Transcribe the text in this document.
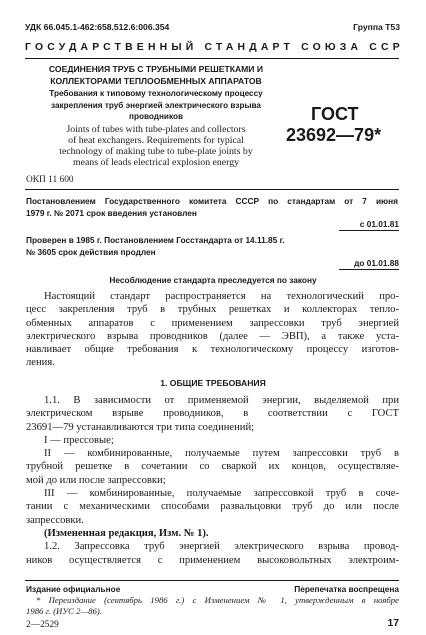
УДК 66.045.1-462:658.512.6:006.354	Группа Т53
ГОСУДАРСТВЕННЫЙ СТАНДАРТ СОЮЗА ССР
СОЕДИНЕНИЯ ТРУБ С ТРУБНЫМИ РЕШЕТКАМИ И
КОЛЛЕКТОРАМИ ТЕПЛООБМЕННЫХ АППАРАТОВ
Требования к типовому технологическому процессу
закрепления труб энергией электрического взрыва
проводников
Joints of tubes with tube-plates and collectors
of heat exchangers. Requirements for typical
technology of making tube to tube-plate joints by
means of leads electrical explosion energy
ГОСТ
23692—79*
ОКП 11 600
Постановлением Государственного комитета СССР по стандартам от 7 июня
1979 г. № 2071 срок введения установлен
с 01.01.81
Проверен в 1985 г. Постановлением Госстандарта от 14.11.85 г.
№ 3605 срок действия продлен
до 01.01.88
Несоблюдение стандарта преследуется по закону
Настоящий стандарт распространяется на технологический про-
цесс закрепления труб в трубных решетках и коллекторах тепло-
обменных аппаратов с применением запрессовки труб энергией
электрического взрыва проводников (далее — ЭВП), а также уста-
навливает общие требования к технологическому процессу изготов-
ления.
1. ОБЩИЕ ТРЕБОВАНИЯ
1.1. В зависимости от применяемой энергии, выделяемой при
электрическом взрыве проводников, в соответствии с ГОСТ
23691—79 устанавливаются три типа соединений;
I — прессовые;
II — комбинированные, получаемые путем запрессовки труб в
трубной решетке в сочетании со сваркой их концов, осуществляе-
мой до или после запрессовки;
III — комбинированные, получаемые запрессовкой труб в соче-
тании с механическими способами развальцовки труб до или после
запрессовки.
(Измененная редакция, Изм. № 1).
1.2. Запрессовка труб энергией электрического взрыва провод-
ников осуществляется с применением высоковольтных электроим-
Издание официальное	Перепечатка воспрещена
* Переиздание (сентябрь 1986 г.) с Изменением № 1, утвержденным в ноябре
1986 г. (ИУС 2—86).
2—2529	17
